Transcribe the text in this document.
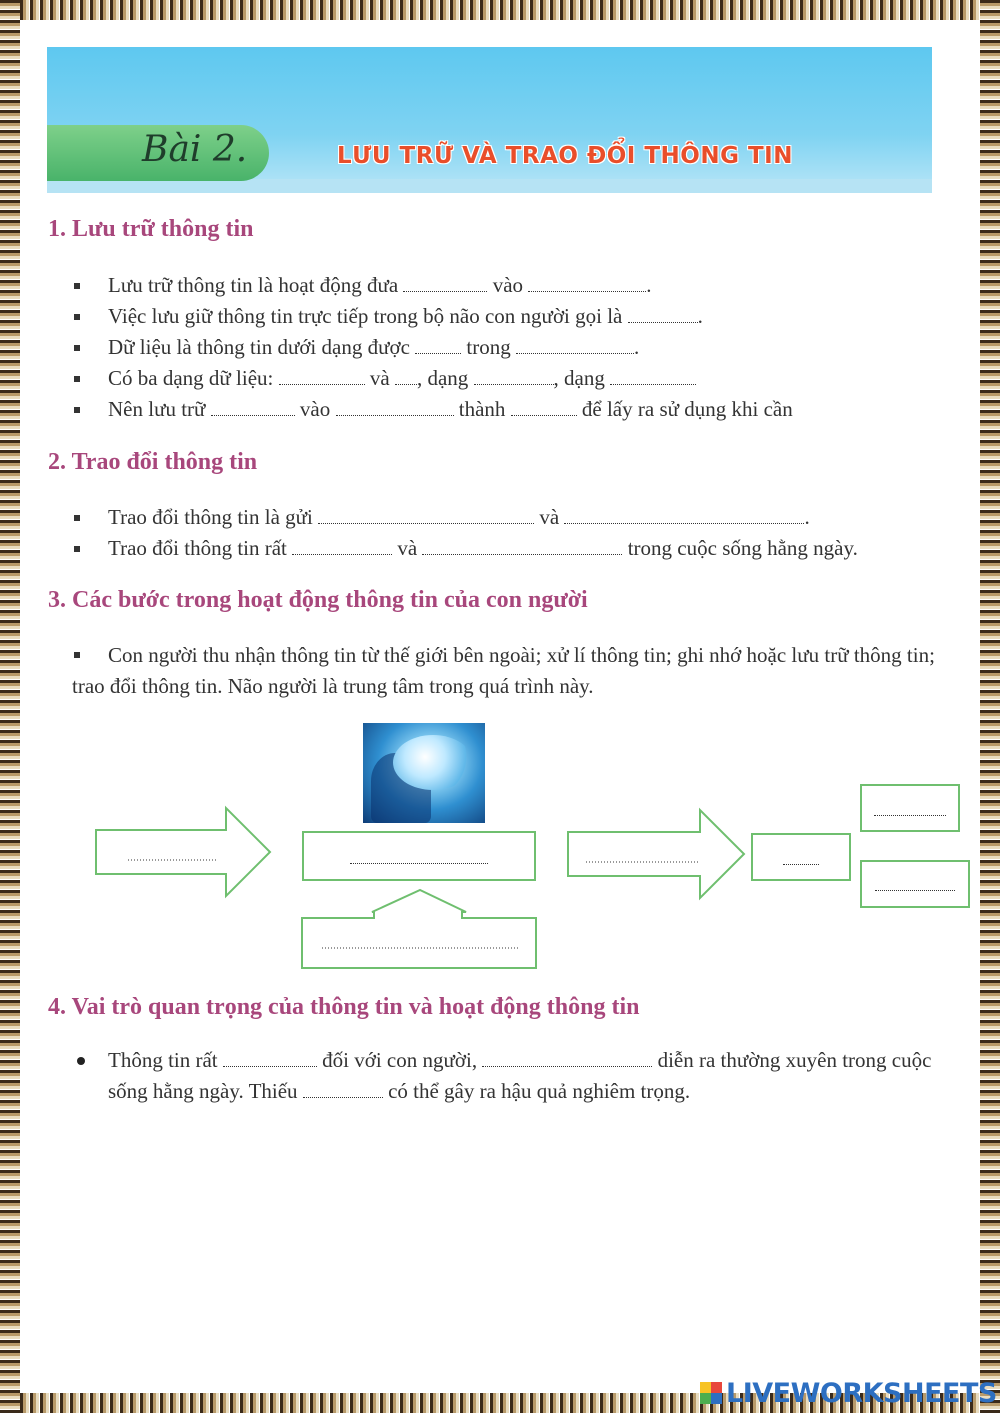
Bài 2.	LƯU TRỮ VÀ TRAO ĐỔI THÔNG TIN
1. Lưu trữ thông tin
Lưu trữ thông tin là hoạt động đưa	vào	.
Việc lưu giữ thông tin trực tiếp trong bộ não con người gọi là	.
Dữ liệu là thông tin dưới dạng được  trong	.
Có ba dạng dữ liệu:	và , dạng	, dạng
Nên lưu trữ	vào	thành	để lấy ra sử dụng khi cần
2. Trao đổi thông tin
Trao đổi thông tin là gửi	và	.
Trao đổi thông tin rất	và	trong cuộc sống hằng ngày.
3. Các bước trong hoạt động thông tin của con người
Con người thu nhận thông tin từ thế giới bên ngoài; xử lí thông tin; ghi nhớ hoặc lưu trữ thông tin; trao đổi thông tin. Não người là trung tâm trong quá trình này.
4. Vai trò quan trọng của thông tin và hoạt động thông tin
Thông tin rất	đối với con người,	diễn ra thường xuyên trong cuộc sống hằng ngày. Thiếu	có thể gây ra hậu quả nghiêm trọng.
LIVEWORKSHEETS
